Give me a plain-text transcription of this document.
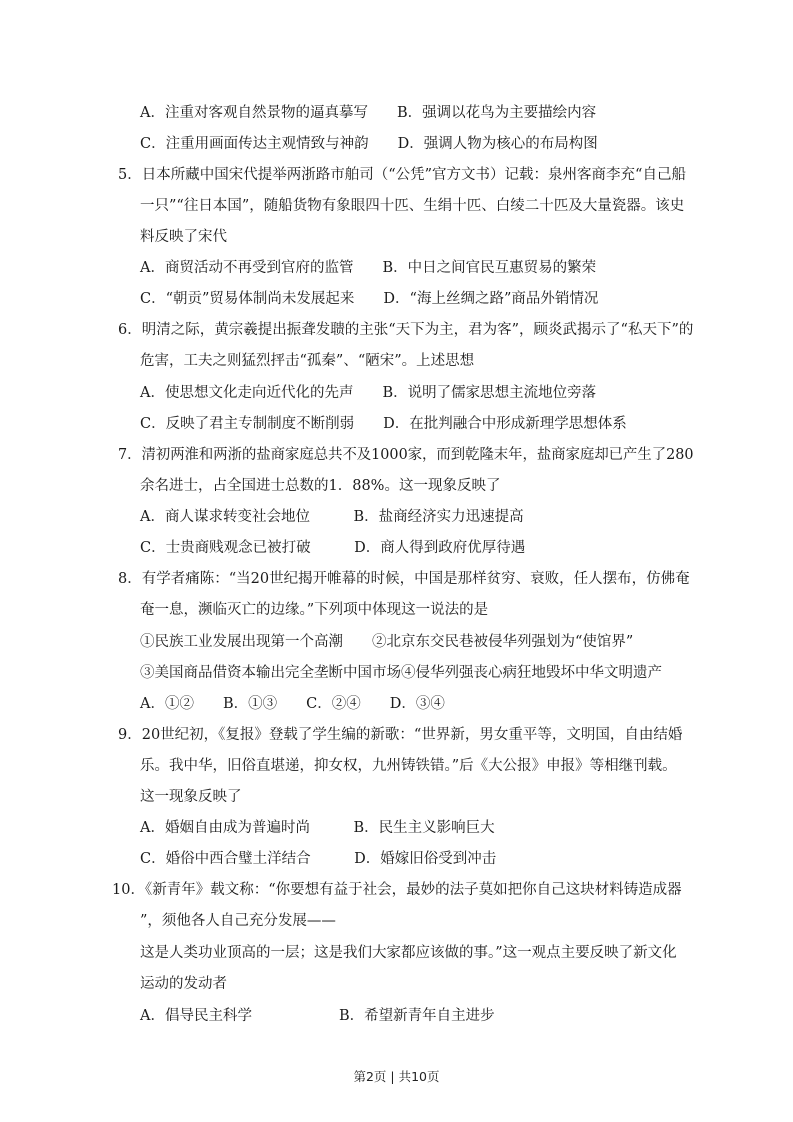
A．注重对客观自然景物的逼真摹写　　B．强调以花鸟为主要描绘内容
C．注重用画面传达主观情致与神韵　　D．强调人物为核心的布局构图
5．日本所藏中国宋代提举两浙路市舶司（“公凭”官方文书）记载：泉州客商李充“自己船
一只”“往日本国”，随船货物有象眼四十匹、生绢十匹、白绫二十匹及大量瓷器。该史
料反映了宋代
A．商贸活动不再受到官府的监管　　B．中日之间官民互惠贸易的繁荣
C．“朝贡”贸易体制尚未发展起来　　D．“海上丝绸之路”商品外销情况
6．明清之际，黄宗羲提出振聋发聩的主张“天下为主，君为客”，顾炎武揭示了“私天下”的
危害，工夫之则猛烈抨击“孤秦”、“陋宋”。上述思想
A．使思想文化走向近代化的先声　　B．说明了儒家思想主流地位旁落
C．反映了君主专制制度不断削弱　　D．在批判融合中形成新理学思想体系
7．清初两淮和两浙的盐商家庭总共不及1000家，而到乾隆末年，盐商家庭却已产生了280
余名进士，占全国进士总数的1．88%。这一现象反映了
A．商人谋求转变社会地位　　　B．盐商经济实力迅速提高
C．士贵商贱观念已被打破　　　D．商人得到政府优厚待遇
8．有学者痛陈：“当20世纪揭开帷幕的时候，中国是那样贫穷、衰败，任人摆布，仿佛奄
奄一息，濒临灭亡的边缘。”下列项中体现这一说法的是
①民族工业发展出现第一个高潮　　②北京东交民巷被侵华列强划为“使馆界”
③美国商品借资本输出完全垄断中国市场④侵华列强丧心病狂地毁坏中华文明遗产
A．①②　　B．①③　　C．②④　　D．③④
9．20世纪初，《复报》登载了学生编的新歌：“世界新，男女重平等，文明国，自由结婚
乐。我中华，旧俗直堪递，抑女权，九州铸铁错。”后《大公报》申报》等相继刊载。
这一现象反映了
A．婚姻自由成为普遍时尚　　　B．民生主义影响巨大
C．婚俗中西合璧土洋结合　　　D．婚嫁旧俗受到冲击
10．《新青年》载文称：“你要想有益于社会，最妙的法子莫如把你自己这块材料铸造成器
”，须他各人自己充分发展——
这是人类功业顶高的一层；这是我们大家都应该做的事。”这一观点主要反映了新文化
运动的发动者
A．倡导民主科学　　　　　　B．希望新青年自主进步
第2页 | 共10页
